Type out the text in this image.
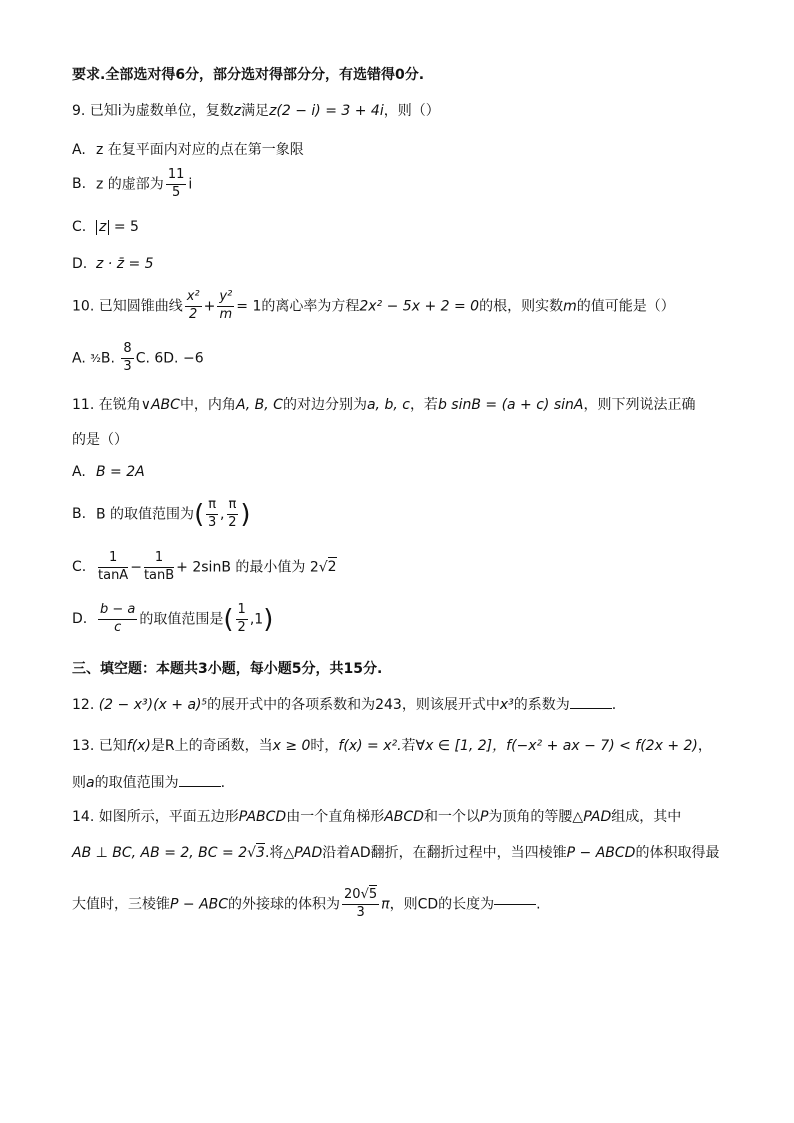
要求.全部选对得6分，部分选对得部分分，有选错得0分.
9. 已知i为虚数单位，复数z满足z(2 − i) = 3 + 4i，则（）
A. z 在复平面内对应的点在第一象限
B. z 的虚部为 $\frac{11}{5}$ i
C. z = 5
D. z · z̄ = 5
10. 已知圆锥曲线 $\frac{\text{x²}}{2} + \frac{\text{y²}}{m} = 1$的离心率为方程2x² − 5x + 2 = 0的根，则实数m的值可能是（）
A. ³⁄₂B. $\frac{8}{3} C$. 6D. −6
11. 在锐角∨ABC中，内角A, B, C的对边分别为a, b, c，若b sinB = (a + c) sinA，则下列说法正确
的是（）
A. B = 2A
B. B 的取值范围为( $\frac{\pi}{3}$ , $\frac{\pi}{2}$ )
C. $\frac{1}{\tan A} - \frac{1}{\tan B} + 2\sin B$ 的最小值为 2√2
D. $\frac{b - a}{c}$ 的取值范围是( $\frac{1}{2} ,1$)
三、填空题：本题共3小题，每小题5分，共15分.
12. (2 − x³)(x + a)⁵的展开式中的各项系数和为243，则该展开式中x³的系数为	.
13. 已知f(x)是R上的奇函数，当x ≥ 0时，f(x) = x².若∀x ∈ [1, 2]，f(−x² + ax − 7) < f(2x + 2)，
则a的取值范围为	.
14. 如图所示，平面五边形PABCD由一个直角梯形ABCD和一个以P为顶角的等腰△PAD组成，其中
AB ⊥ BC, AB = 2, BC = 2√3.将△PAD沿着AD翻折，在翻折过程中，当四棱锥P − ABCD的体积取得最
大值时，三棱锥P − ABC的外接球的体积为 $\frac{20√5}{3}$ π，则CD的长度为	.
